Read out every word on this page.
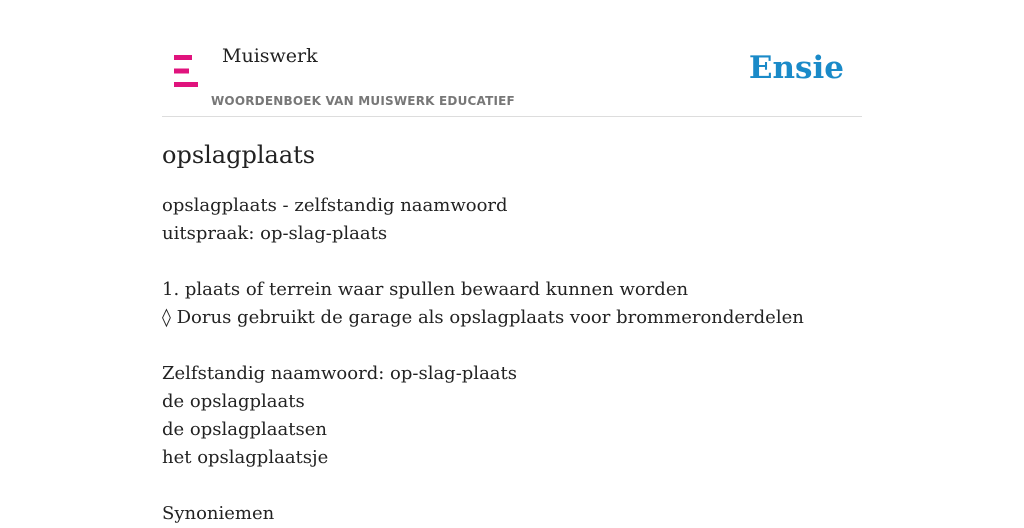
Muiswerk
WOORDENBOEK VAN MUISWERK EDUCATIEF
Ensie
opslagplaats
opslagplaats - zelfstandig naamwoord
uitspraak: op-slag-plaats
1. plaats of terrein waar spullen bewaard kunnen worden
◊ Dorus gebruikt de garage als opslagplaats voor brommeronderdelen
Zelfstandig naamwoord: op-slag-plaats
de opslagplaats
de opslagplaatsen
het opslagplaatsje
Synoniemen
